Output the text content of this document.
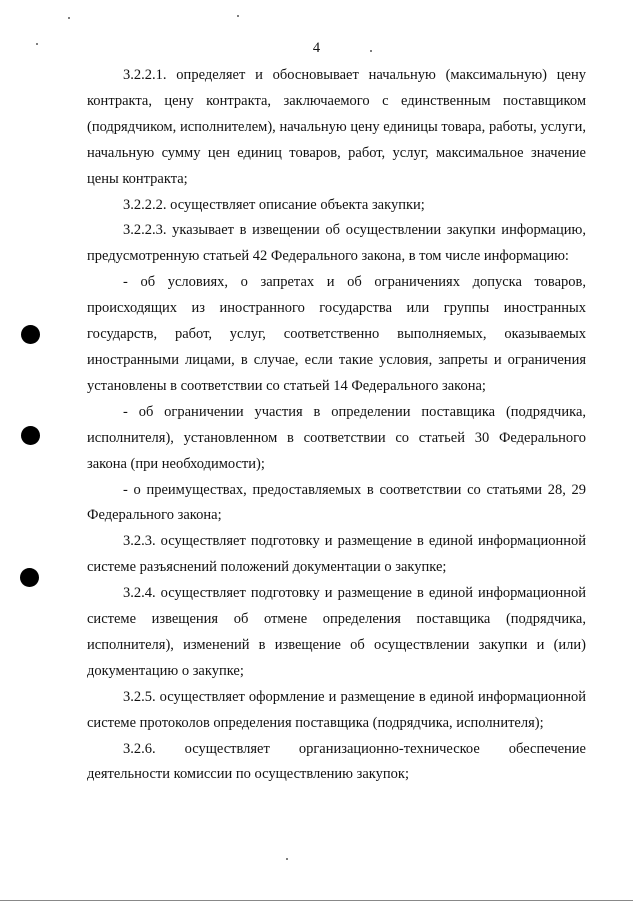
4

3.2.2.1. определяет и обосновывает начальную (максимальную) цену контракта, цену контракта, заключаемого с единственным поставщиком (подрядчиком, исполнителем), начальную цену единицы товара, работы, услуги, начальную сумму цен единиц товаров, работ, услуг, максимальное значение цены контракта;

3.2.2.2. осуществляет описание объекта закупки;

3.2.2.3. указывает в извещении об осуществлении закупки информацию, предусмотренную статьей 42 Федерального закона, в том числе информацию:

- об условиях, о запретах и об ограничениях допуска товаров, происходящих из иностранного государства или группы иностранных государств, работ, услуг, соответственно выполняемых, оказываемых иностранными лицами, в случае, если такие условия, запреты и ограничения установлены в соответствии со статьей 14 Федерального закона;

- об ограничении участия в определении поставщика (подрядчика, исполнителя), установленном в соответствии со статьей 30 Федерального закона (при необходимости);

- о преимуществах, предоставляемых в соответствии со статьями 28, 29 Федерального закона;

3.2.3. осуществляет подготовку и размещение в единой информационной системе разъяснений положений документации о закупке;

3.2.4. осуществляет подготовку и размещение в единой информационной системе извещения об отмене определения поставщика (подрядчика, исполнителя), изменений в извещение об осуществлении закупки и (или) документацию о закупке;

3.2.5. осуществляет оформление и размещение в единой информационной системе протоколов определения поставщика (подрядчика, исполнителя);

3.2.6. осуществляет организационно-техническое обеспечение деятельности комиссии по осуществлению закупок;
